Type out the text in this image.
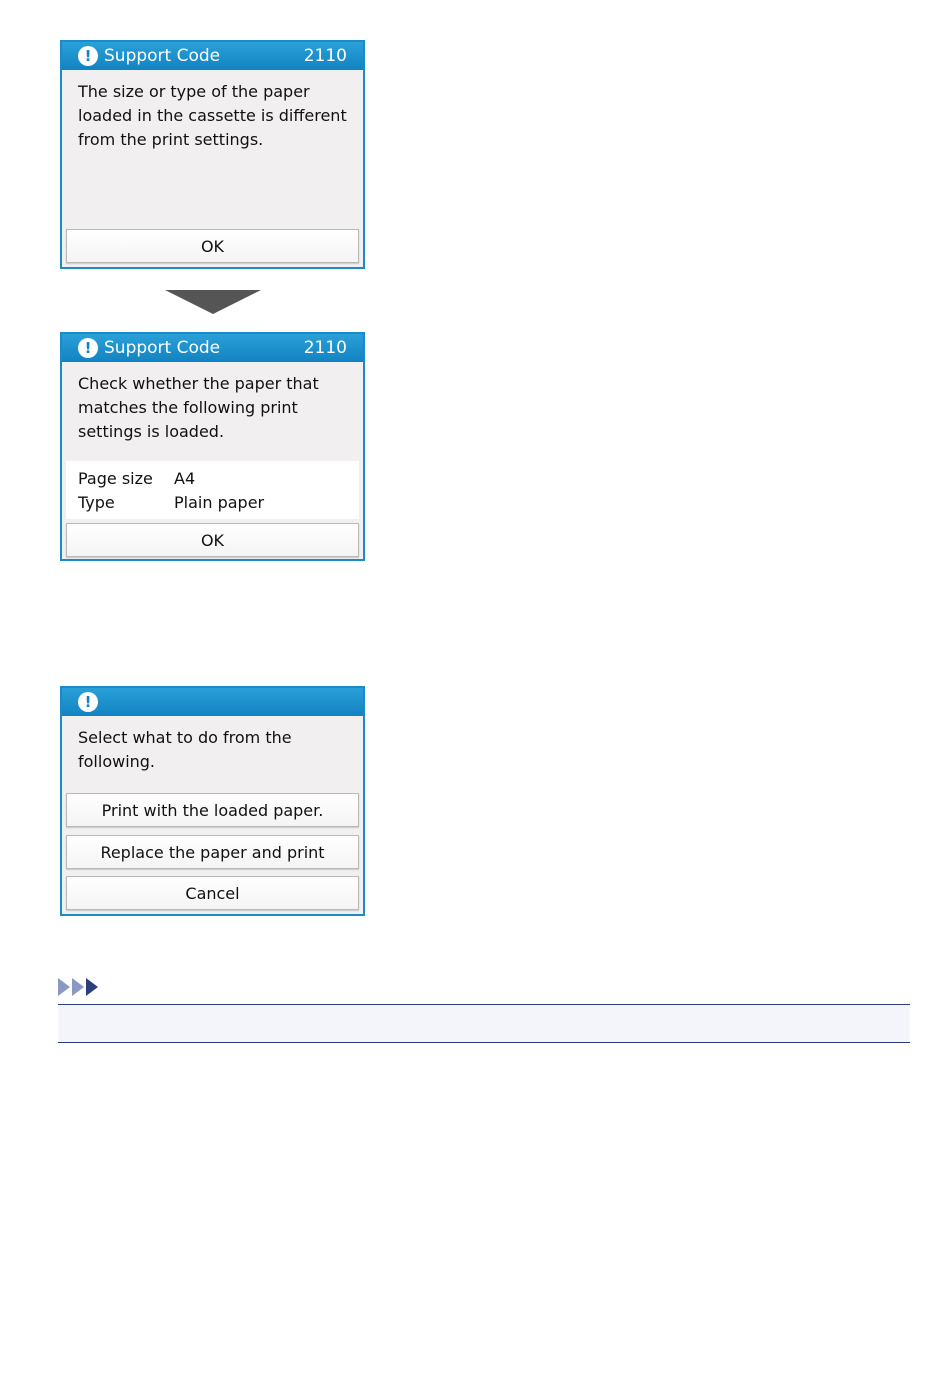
! Support Code	2110
The size or type of the paper loaded in the cassette is different from the print settings.
OK
! Support Code	2110
Check whether the paper that matches the following print settings is loaded.
Page size	A4
Type	Plain paper
OK
!
Select what to do from the following.
Print with the loaded paper.
Replace the paper and print
Cancel
